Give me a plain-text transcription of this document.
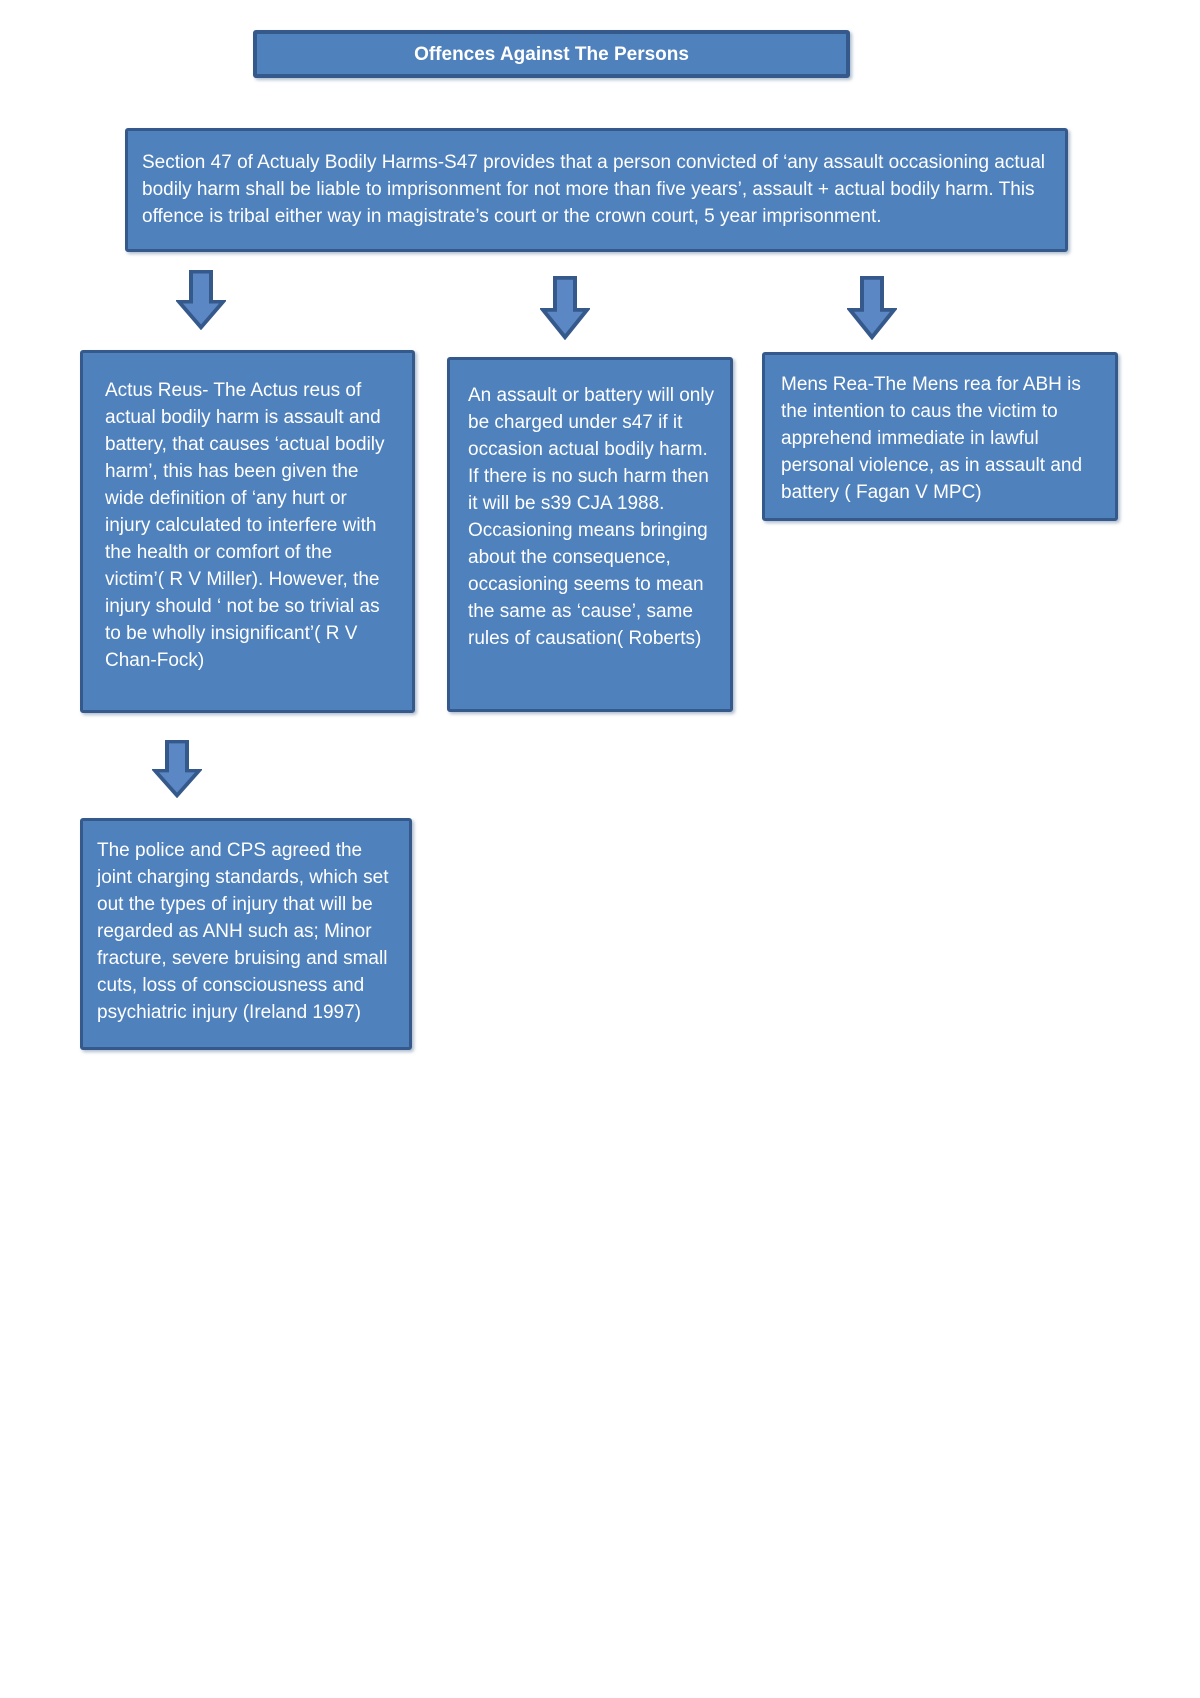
Offences Against The Persons
Section 47 of Actualy Bodily Harms-S47 provides that a person convicted of ‘any assault occasioning actual bodily harm shall be liable to imprisonment for not more than five years’, assault + actual bodily harm. This offence is tribal either way in magistrate’s court or the crown court, 5 year imprisonment.
Actus Reus- The Actus reus of actual bodily harm is assault and battery, that causes ‘actual bodily harm’, this has been given the wide definition of ‘any hurt or injury calculated to interfere with the health or comfort of the victim’( R V Miller). However, the injury should ‘ not be so trivial as to be wholly insignificant’( R V Chan-Fock)
An assault or battery will only be charged under s47 if it occasion actual bodily harm. If there is no such harm then it will be s39 CJA 1988. Occasioning means bringing about the consequence, occasioning seems to mean the same as ‘cause’, same rules of causation( Roberts)
Mens Rea-The Mens rea for ABH is the intention to caus the victim to apprehend immediate in lawful personal violence, as in assault and battery ( Fagan V MPC)
The police and CPS agreed the joint charging standards, which set out the types of injury that will be regarded as ANH such as; Minor fracture, severe bruising and small cuts, loss of consciousness and psychiatric injury (Ireland 1997)
